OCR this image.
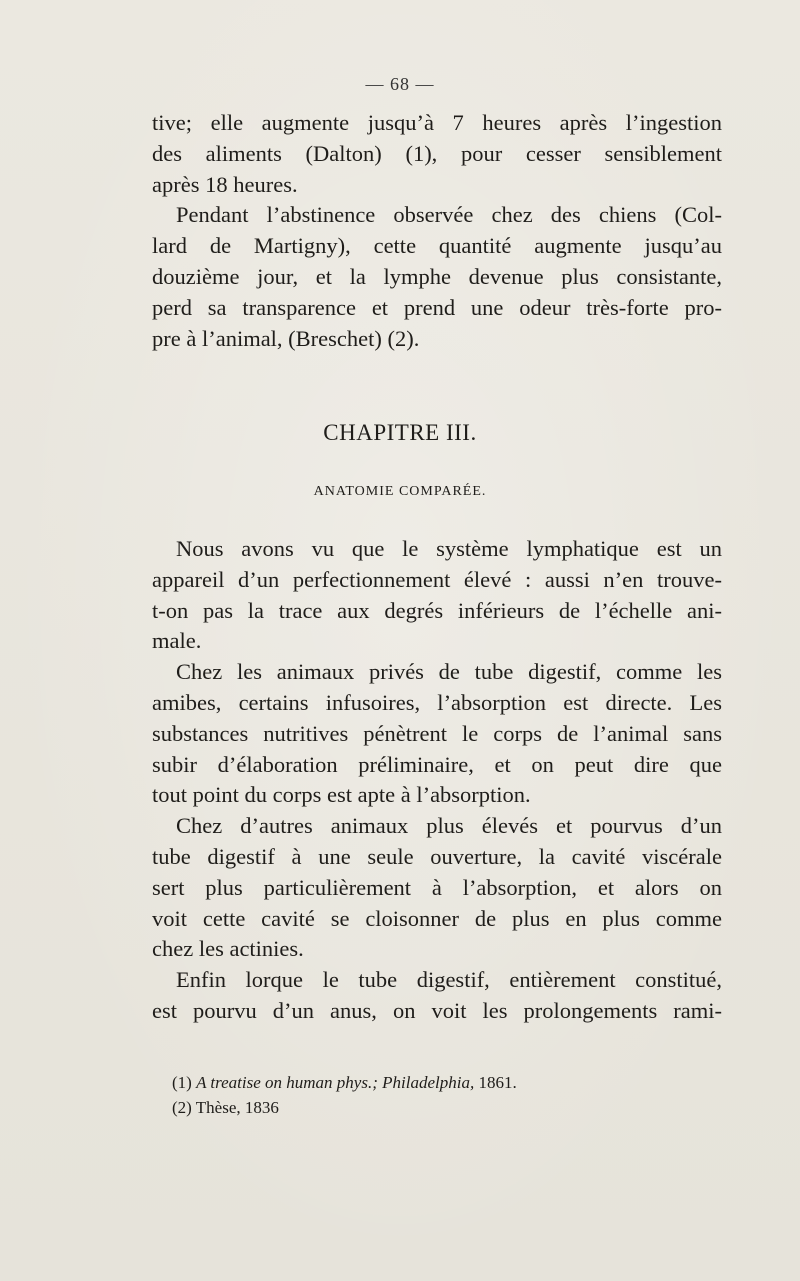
— 68 —

tive; elle augmente jusqu’à 7 heures après l’ingestion

des aliments (Dalton) (1), pour cesser sensiblement

après 18 heures.

Pendant l’abstinence observée chez des chiens (Col-

lard de Martigny), cette quantité augmente jusqu’au

douzième jour, et la lymphe devenue plus consistante,

perd sa transparence et prend une odeur très-forte pro-

pre à l’animal, (Breschet) (2).

CHAPITRE III.
ANATOMIE COMPARÉE.

Nous avons vu que le système lymphatique est un

appareil d’un perfectionnement élevé : aussi n’en trouve-

t-on pas la trace aux degrés inférieurs de l’échelle ani-

male.

Chez les animaux privés de tube digestif, comme les

amibes, certains infusoires, l’absorption est directe. Les

substances nutritives pénètrent le corps de l’animal sans

subir d’élaboration préliminaire, et on peut dire que

tout point du corps est apte à l’absorption.

Chez d’autres animaux plus élevés et pourvus d’un

tube digestif à une seule ouverture, la cavité viscérale

sert plus particulièrement à l’absorption, et alors on

voit cette cavité se cloisonner de plus en plus comme

chez les actinies.

Enfin lorque le tube digestif, entièrement constitué,

est pourvu d’un anus, on voit les prolongements rami-

(1) A treatise on human phys.; Philadelphia, 1861.
(2) Thèse, 1836
